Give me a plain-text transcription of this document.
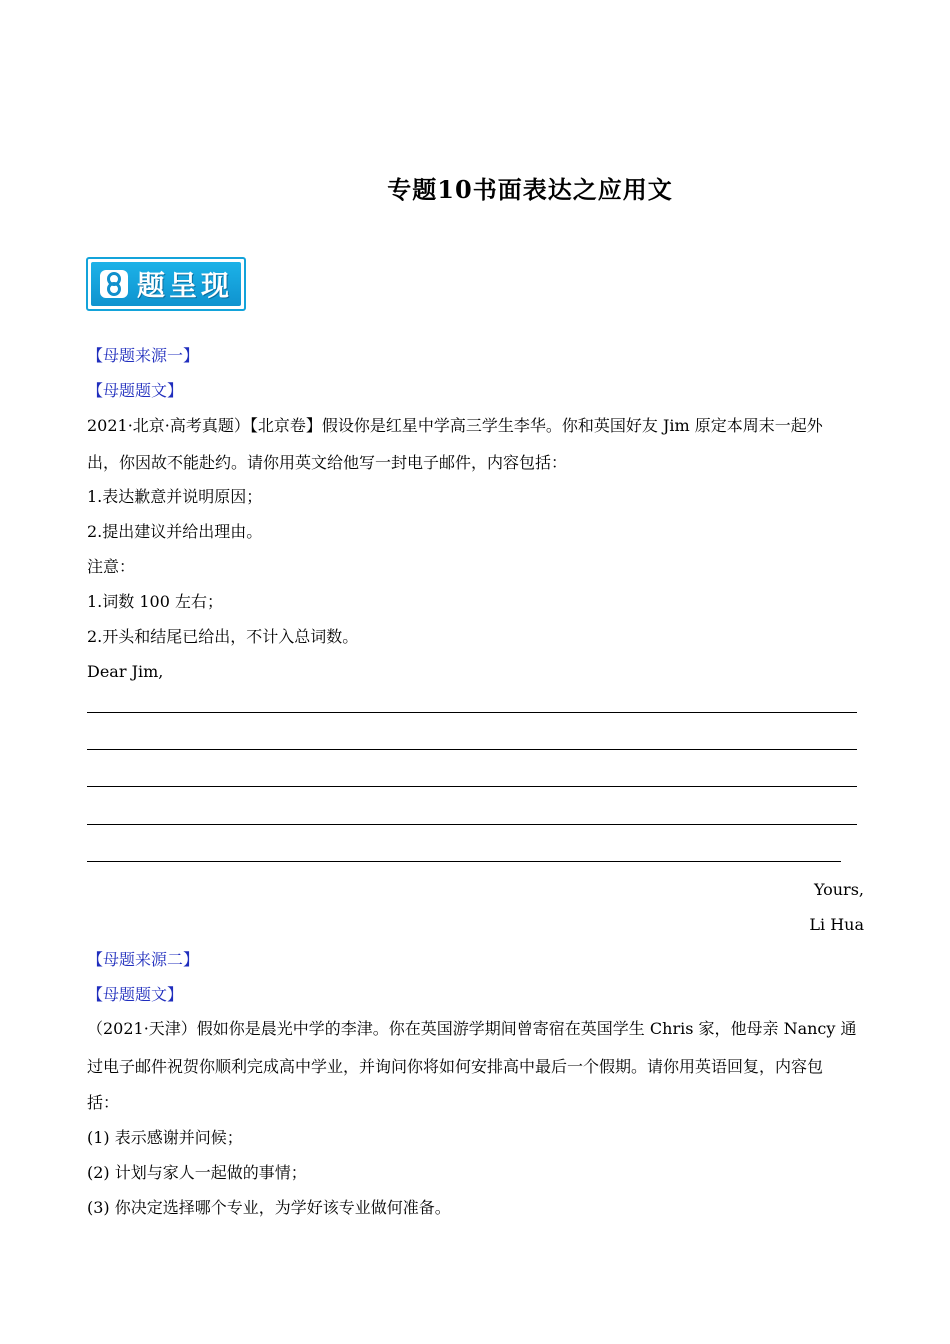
专题10书面表达之应用文
题呈现
【母题来源一】
【母题题文】
2021·北京·高考真题）【北京卷】假设你是红星中学高三学生李华。你和英国好友 Jim 原定本周末一起外
出，你因故不能赴约。请你用英文给他写一封电子邮件，内容包括：
1.表达歉意并说明原因；
2.提出建议并给出理由。
注意：
1.词数 100 左右；
2.开头和结尾已给出，不计入总词数。
Dear Jim,
Yours,
Li Hua
【母题来源二】
【母题题文】
（2021·天津）假如你是晨光中学的李津。你在英国游学期间曾寄宿在英国学生 Chris 家，他母亲 Nancy 通
过电子邮件祝贺你顺利完成高中学业，并询问你将如何安排高中最后一个假期。请你用英语回复，内容包
括：
(1) 表示感谢并问候；
(2) 计划与家人一起做的事情；
(3) 你决定选择哪个专业，为学好该专业做何准备。
